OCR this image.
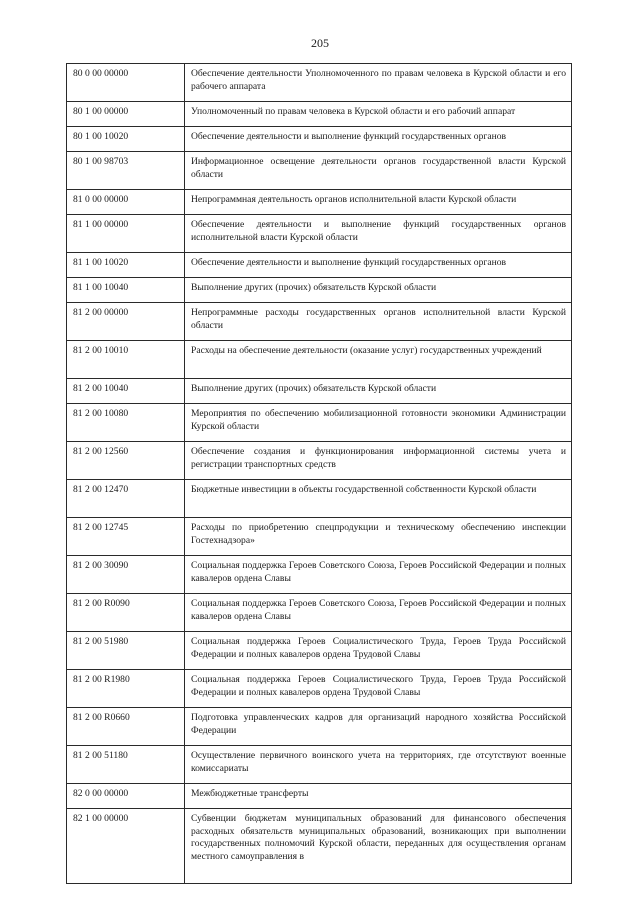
205
80 0 00 00000	Обеспечение деятельности Уполномоченного по правам человека в Курской области и его рабочего аппарата
80 1 00 00000	Уполномоченный по правам человека в Курской области и его рабочий аппарат
80 1 00 10020	Обеспечение деятельности и выполнение функций государственных органов
80 1 00 98703	Информационное освещение деятельности органов государственной власти Курской области
81 0 00 00000	Непрограммная деятельность органов исполнительной власти Курской области
81 1 00 00000	Обеспечение деятельности и выполнение функций государственных органов исполнительной власти Курской области
81 1 00 10020	Обеспечение деятельности и выполнение функций государственных органов
81 1 00 10040	Выполнение других (прочих) обязательств Курской области
81 2 00 00000	Непрограммные расходы государственных органов исполнительной власти Курской области
81 2 00 10010	Расходы на обеспечение деятельности (оказание услуг) государственных учреждений
81 2 00 10040	Выполнение других (прочих) обязательств Курской области
81 2 00 10080	Мероприятия по обеспечению мобилизационной готовности экономики Администрации Курской области
81 2 00 12560	Обеспечение создания и функционирования информационной системы учета и регистрации транспортных средств
81 2 00 12470	Бюджетные инвестиции в объекты государственной собственности Курской области
81 2 00 12745	Расходы по приобретению спецпродукции и техническому обеспечению инспекции Гостехнадзора»
81 2 00 30090	Социальная поддержка Героев Советского Союза, Героев Российской Федерации и полных кавалеров ордена Славы
81 2 00 R0090	Социальная поддержка Героев Советского Союза, Героев Российской Федерации и полных кавалеров ордена Славы
81 2 00 51980	Социальная поддержка Героев Социалистического Труда, Героев Труда Российской Федерации и полных кавалеров ордена Трудовой Славы
81 2 00 R1980	Социальная поддержка Героев Социалистического Труда, Героев Труда Российской Федерации и полных кавалеров ордена Трудовой Славы
81 2 00 R0660	Подготовка управленческих кадров для организаций народного хозяйства Российской Федерации
81 2 00 51180	Осуществление первичного воинского учета на территориях, где отсутствуют военные комиссариаты
82 0 00 00000	Межбюджетные трансферты
82 1 00 00000	Субвенции бюджетам муниципальных образований для финансового обеспечения расходных обязательств муниципальных образований, возникающих при выполнении государственных полномочий Курской области, переданных для осуществления органам местного самоуправления в
